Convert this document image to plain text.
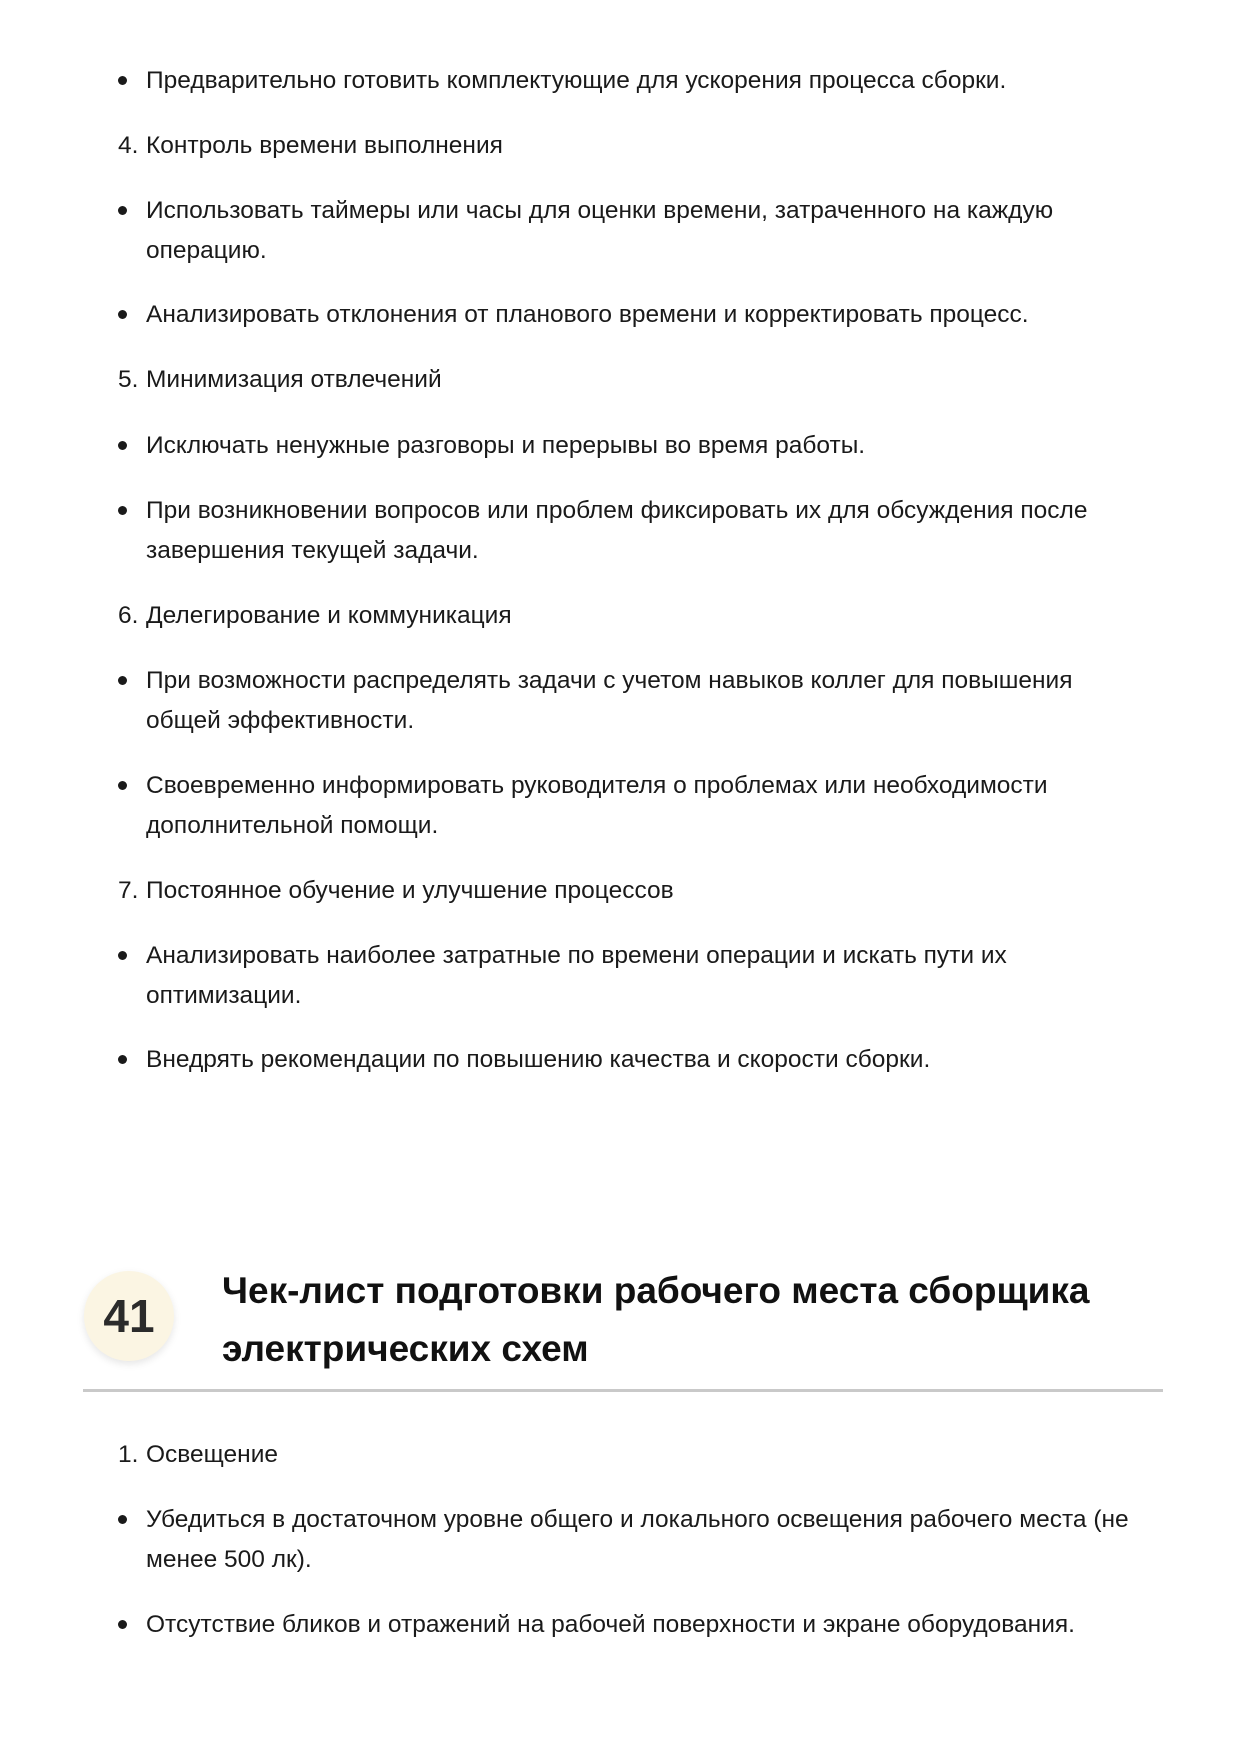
Предварительно готовить комплектующие для ускорения процесса сборки.

4. Контроль времени выполнения

Использовать таймеры или часы для оценки времени, затраченного на каждую

операцию.

Анализировать отклонения от планового времени и корректировать процесс.

5. Минимизация отвлечений

Исключать ненужные разговоры и перерывы во время работы.

При возникновении вопросов или проблем фиксировать их для обсуждения после

завершения текущей задачи.

6. Делегирование и коммуникация

При возможности распределять задачи с учетом навыков коллег для повышения

общей эффективности.

Своевременно информировать руководителя о проблемах или необходимости

дополнительной помощи.

7. Постоянное обучение и улучшение процессов

Анализировать наиболее затратные по времени операции и искать пути их

оптимизации.

Внедрять рекомендации по повышению качества и скорости сборки.

41	Чек-лист подготовки рабочего места сборщика
электрических схем

1. Освещение

Убедиться в достаточном уровне общего и локального освещения рабочего места (не

менее 500 лк).

Отсутствие бликов и отражений на рабочей поверхности и экране оборудования.
